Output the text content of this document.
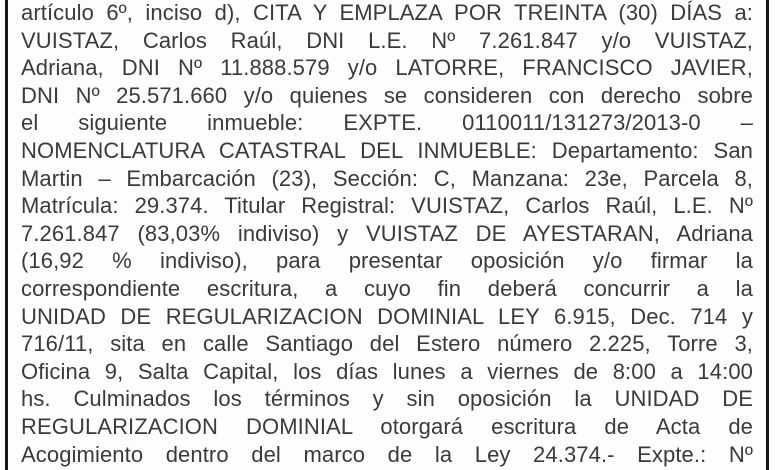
artículo 6º, inciso d), CITA Y EMPLAZA POR TREINTA (30) DÍAS a:
VUISTAZ, Carlos Raúl, DNI L.E. Nº 7.261.847 y/o VUISTAZ,
Adriana, DNI Nº 11.888.579 y/o LATORRE, FRANCISCO JAVIER,
DNI Nº 25.571.660 y/o quienes se consideren con derecho sobre
el siguiente inmueble: EXPTE. 0110011/131273/2013-0 –
NOMENCLATURA CATASTRAL DEL INMUEBLE: Departamento: San
Martin – Embarcación (23), Sección: C, Manzana: 23e, Parcela 8,
Matrícula: 29.374. Titular Registral: VUISTAZ, Carlos Raúl, L.E. Nº
7.261.847 (83,03% indiviso) y VUISTAZ DE AYESTARAN, Adriana
(16,92 % indiviso), para presentar oposición y/o firmar la
correspondiente escritura, a cuyo fin deberá concurrir a la
UNIDAD DE REGULARIZACION DOMINIAL LEY 6.915, Dec. 714 y
716/11, sita en calle Santiago del Estero número 2.225, Torre 3,
Oficina 9, Salta Capital, los días lunes a viernes de 8:00 a 14:00
hs. Culminados los términos y sin oposición la UNIDAD DE
REGULARIZACION DOMINIAL otorgará escritura de Acta de
Acogimiento dentro del marco de la Ley 24.374.- Expte.: Nº
